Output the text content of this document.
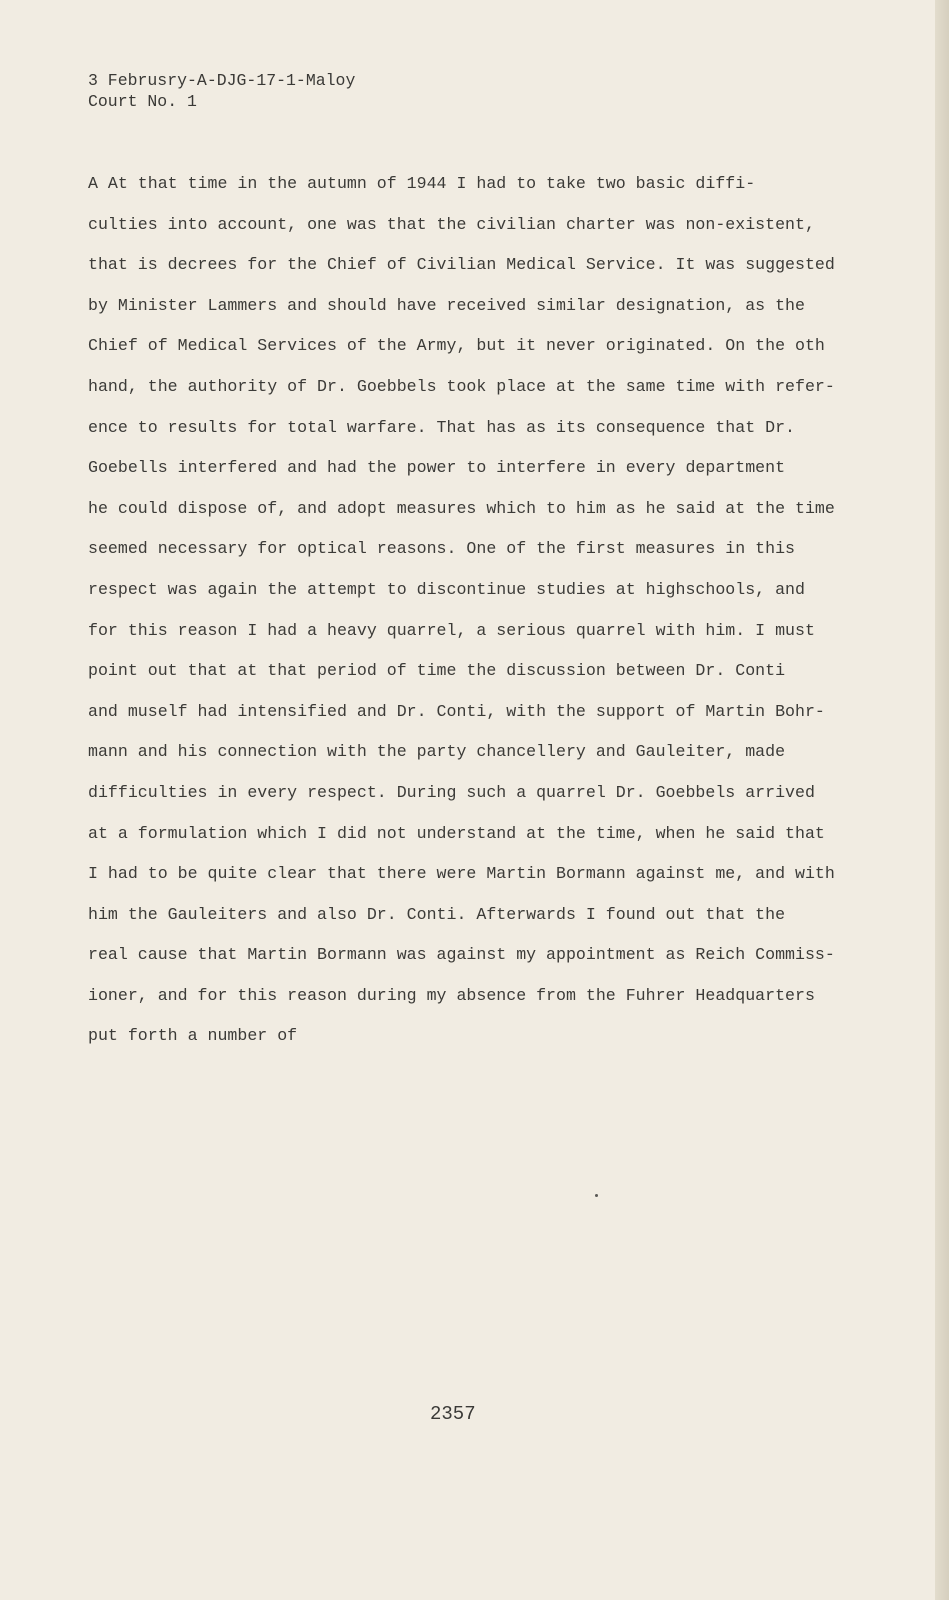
3 Februsry-A-DJG-17-1-Maloy
Court No. 1
A At that time in the autumn of 1944 I had to take two basic diffi-
culties into account, one was that the civilian charter was non-existent,
that is decrees for the Chief of Civilian Medical Service. It was suggested
by Minister Lammers and should have received similar designation, as the
Chief of Medical Services of the Army, but it never originated. On the oth
hand, the authority of Dr. Goebbels took place at the same time with refer-
ence to results for total warfare. That has as its consequence that Dr.
Goebells interfered and had the power to interfere in every department
he could dispose of, and adopt measures which to him as he said at the time
seemed necessary for optical reasons. One of the first measures in this
respect was again the attempt to discontinue studies at highschools, and
for this reason I had a heavy quarrel, a serious quarrel with him. I must
point out that at that period of time the discussion between Dr. Conti
and muself had intensified and Dr. Conti, with the support of Martin Bohr-
mann and his connection with the party chancellery and Gauleiter, made
difficulties in every respect. During such a quarrel Dr. Goebbels arrived
at a formulation which I did not understand at the time, when he said that
I had to be quite clear that there were Martin Bormann against me, and with
him the Gauleiters and also Dr. Conti. Afterwards I found out that the
real cause that Martin Bormann was against my appointment as Reich Commiss-
ioner, and for this reason during my absence from the Fuhrer Headquarters
put forth a number of
2357
